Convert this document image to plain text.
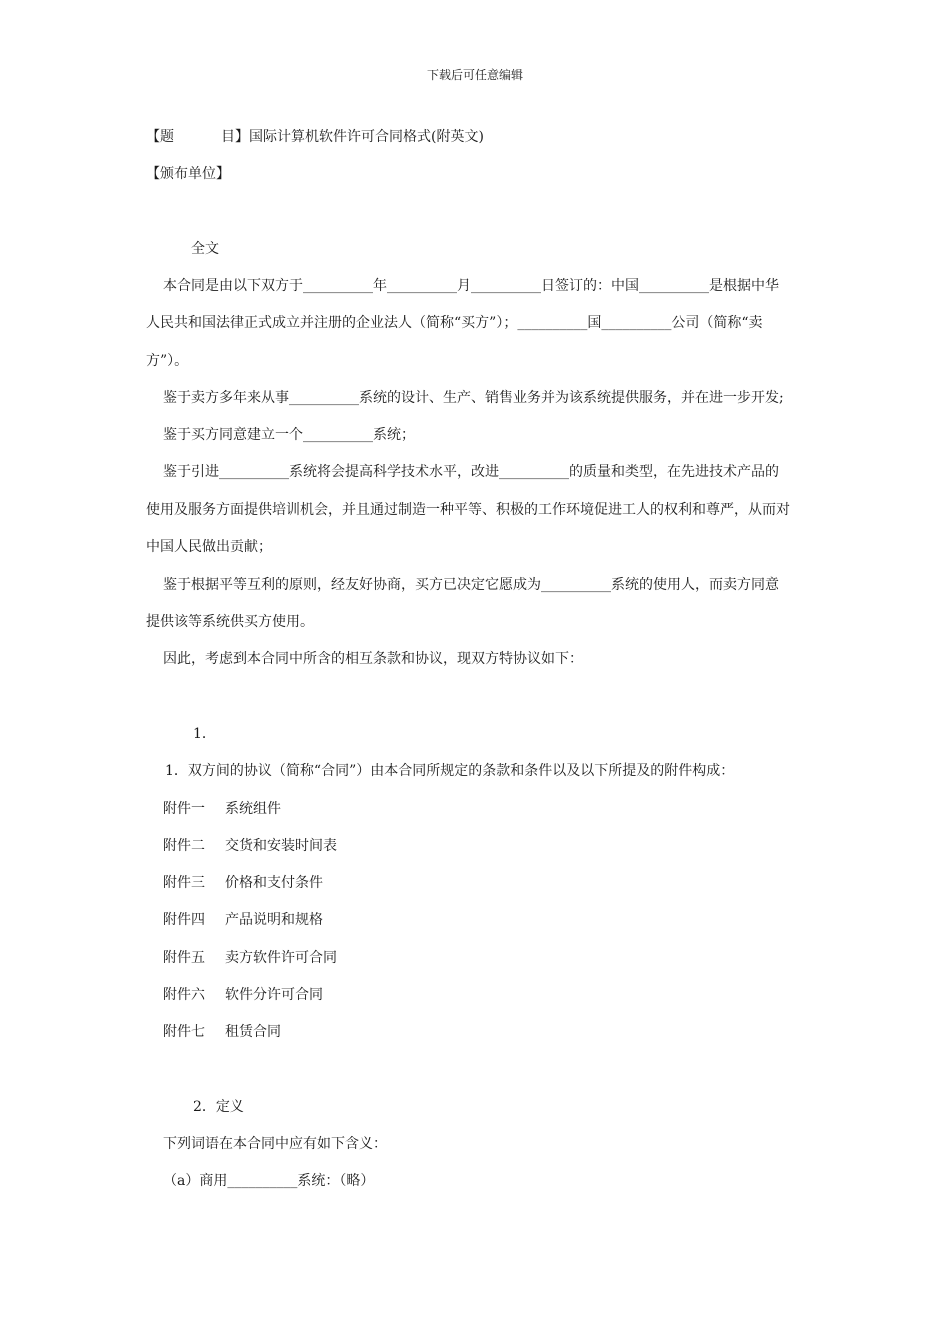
下载后可任意编辑
【题	目】国际计算机软件许可合同格式(附英文)
【颁布单位】
全文
本合同是由以下双方于__________年__________月__________日签订的：中国__________是根据中华
人民共和国法律正式成立并注册的企业法人（简称“买方”）；__________国__________公司（简称“卖
方”）。
鉴于卖方多年来从事__________系统的设计、生产、销售业务并为该系统提供服务，并在进一步开发;
鉴于买方同意建立一个__________系统；
鉴于引进__________系统将会提高科学技术水平，改进__________的质量和类型，在先进技术产品的
使用及服务方面提供培训机会，并且通过制造一种平等、积极的工作环境促进工人的权利和尊严，从而对
中国人民做出贡献；
鉴于根据平等互利的原则，经友好协商，买方已决定它愿成为__________系统的使用人，而卖方同意
提供该等系统供买方使用。
因此，考虑到本合同中所含的相互条款和协议，现双方特协议如下：
1．
1．双方间的协议（简称“合同”）由本合同所规定的条款和条件以及以下所提及的附件构成：
附件一 系统组件
附件二 交货和安装时间表
附件三 价格和支付条件
附件四 产品说明和规格
附件五 卖方软件许可合同
附件六 软件分许可合同
附件七 租赁合同
2．定义
下列词语在本合同中应有如下含义：
（a）商用__________系统：（略）
